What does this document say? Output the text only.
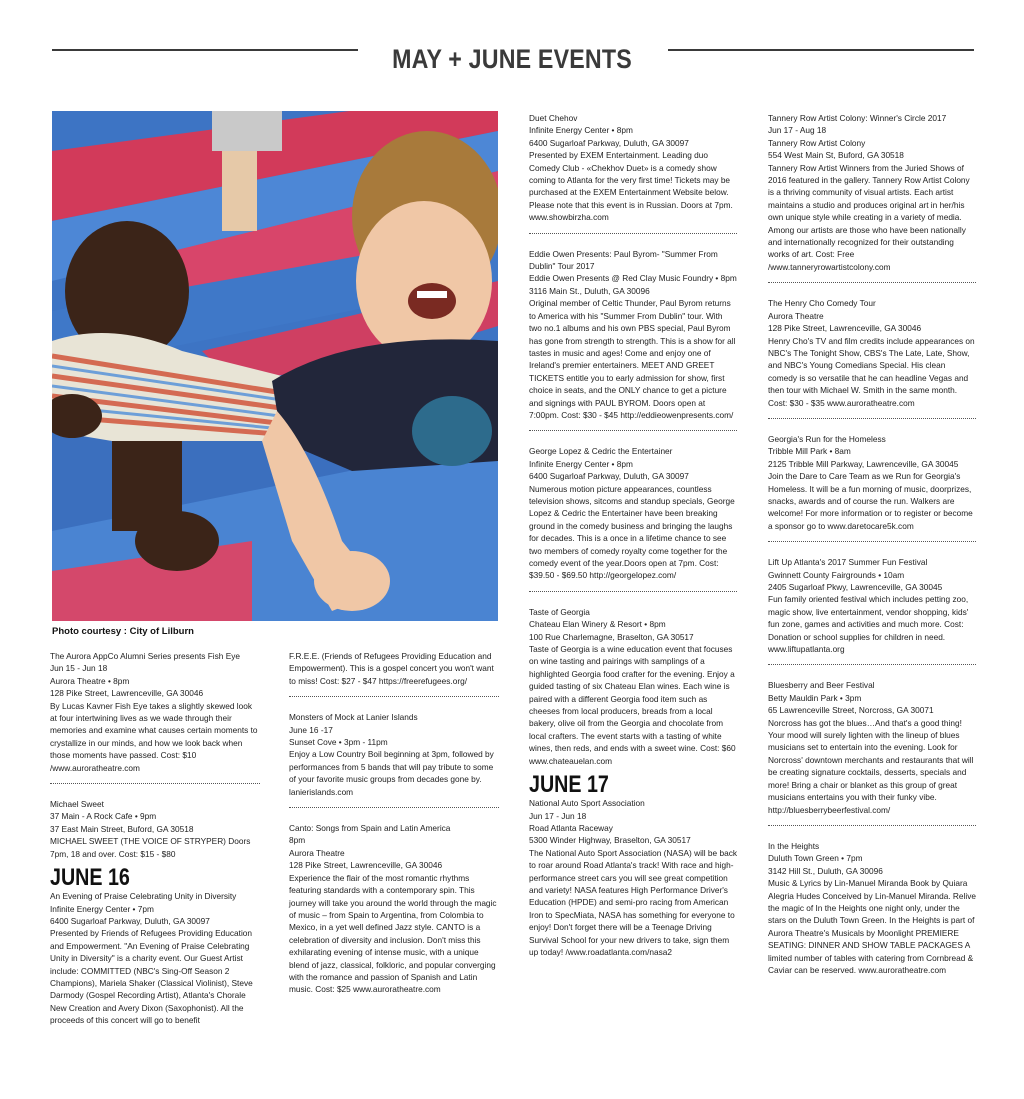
MAY + JUNE EVENTS
Photo courtesy : City of Lilburn
The Aurora AppCo Alumni Series presents Fish Eye
Jun 15 - Jun 18
Aurora Theatre • 8pm
128 Pike Street, Lawrenceville, GA 30046
By Lucas Kavner Fish Eye takes a slightly skewed look at four intertwining lives as we wade through their memories and examine what causes certain moments to crystallize in our minds, and how we look back when those moments have passed. Cost: $10 /www.auroratheatre.com
Michael Sweet
37 Main - A Rock Cafe • 9pm
37 East Main Street, Buford, GA 30518
MICHAEL SWEET (THE VOICE OF STRYPER) Doors 7pm, 18 and over. Cost: $15 - $80
JUNE 16
An Evening of Praise Celebrating Unity in Diversity
Infinite Energy Center • 7pm
6400 Sugarloaf Parkway, Duluth, GA 30097
Presented by Friends of Refugees Providing Education and Empowerment. "An Evening of Praise Celebrating Unity in Diversity" is a charity event. Our Guest Artist include: COMMITTED (NBC's Sing-Off Season 2 Champions), Mariela Shaker (Classical Violinist), Steve Darmody (Gospel Recording Artist), Atlanta's Chorale New Creation and Avery Dixon (Saxophonist). All the proceeds of this concert will go to benefit
F.R.E.E. (Friends of Refugees Providing Education and Empowerment). This is a gospel concert you won't want to miss! Cost: $27 - $47 https://freerefugees.org/
Monsters of Mock at Lanier Islands
June 16 -17
Sunset Cove • 3pm - 11pm
Enjoy a Low Country Boil beginning at 3pm, followed by performances from 5 bands that will pay tribute to some of your favorite music groups from decades gone by. lanierislands.com
Canto: Songs from Spain and Latin America
8pm
Aurora Theatre
128 Pike Street, Lawrenceville, GA 30046
Experience the flair of the most romantic rhythms featuring standards with a contemporary spin. This journey will take you around the world through the magic of music – from Spain to Argentina, from Colombia to Mexico, in a yet well defined Jazz style. CANTO is a celebration of diversity and inclusion. Don't miss this exhilarating evening of intense music, with a unique blend of jazz, classical, folkloric, and popular converging with the romance and passion of Spanish and Latin music. Cost: $25 www.auroratheatre.com
Duet Chehov
Infinite Energy Center • 8pm
6400 Sugarloaf Parkway, Duluth, GA 30097
Presented by EXEM Entertainment. Leading duo Comedy Club - «Chekhov Duet» is a comedy show coming to Atlanta for the very first time! Tickets may be purchased at the EXEM Entertainment Website below. Please note that this event is in Russian. Doors at 7pm. www.showbirzha.com
Eddie Owen Presents: Paul Byrom- "Summer From
Dublin" Tour 2017
Eddie Owen Presents @ Red Clay Music Foundry • 8pm
3116 Main St., Duluth, GA 30096
Original member of Celtic Thunder, Paul Byrom returns to America with his "Summer From Dublin" tour. With two no.1 albums and his own PBS special, Paul Byrom has gone from strength to strength. This is a show for all tastes in music and ages! Come and enjoy one of Ireland's premier entertainers. MEET AND GREET TICKETS entitle you to early admission for show, first choice in seats, and the ONLY chance to get a picture and signings with PAUL BYROM. Doors open at 7:00pm. Cost: $30 - $45 http://eddieowenpresents.com/
George Lopez & Cedric the Entertainer
Infinite Energy Center • 8pm
6400 Sugarloaf Parkway, Duluth, GA 30097
Numerous motion picture appearances, countless television shows, sitcoms and standup specials, George Lopez & Cedric the Entertainer have been breaking ground in the comedy business and bringing the laughs for decades. This is a once in a lifetime chance to see two members of comedy royalty come together for the comedy event of the year.Doors open at 7pm. Cost: $39.50 - $69.50 http://georgelopez.com/
Taste of Georgia
Chateau Elan Winery & Resort • 8pm
100 Rue Charlemagne, Braselton, GA 30517
Taste of Georgia is a wine education event that focuses on wine tasting and pairings with samplings of a highlighted Georgia food crafter for the evening. Enjoy a guided tasting of six Chateau Elan wines. Each wine is paired with a different Georgia food item such as cheeses from local producers, breads from a local bakery, olive oil from the Georgia and chocolate from local crafters. The event starts with a tasting of white wines, then reds, and ends with a sweet wine. Cost: $60 www.chateauelan.com
JUNE 17
National Auto Sport Association
Jun 17 - Jun 18
Road Atlanta Raceway
5300 Winder Highway, Braselton, GA 30517
The National Auto Sport Association (NASA) will be back to roar around Road Atlanta's track! With race and high-performance street cars you will see great competition and variety! NASA features High Performance Driver's Education (HPDE) and semi-pro racing from American Iron to SpecMiata, NASA has something for everyone to enjoy! Don't forget there will be a Teenage Driving Survival School for your new drivers to take, sign them up today! /www.roadatlanta.com/nasa2
Tannery Row Artist Colony: Winner's Circle 2017
Jun 17 - Aug 18
Tannery Row Artist Colony
554 West Main St, Buford, GA 30518
Tannery Row Artist Winners from the Juried Shows of 2016 featured in the gallery. Tannery Row Artist Colony is a thriving community of visual artists. Each artist maintains a studio and produces original art in her/his own unique style while creating in a variety of media. Among our artists are those who have been nationally and internationally recognized for their outstanding works of art. Cost: Free /www.tanneryrowartistcolony.com
The Henry Cho Comedy Tour
Aurora Theatre
128 Pike Street, Lawrenceville, GA 30046
Henry Cho's TV and film credits include appearances on NBC's The Tonight Show, CBS's The Late, Late, Show, and NBC's Young Comedians Special. His clean comedy is so versatile that he can headline Vegas and then tour with Michael W. Smith in the same month. Cost: $30 - $35 www.auroratheatre.com
Georgia's Run for the Homeless
Tribble Mill Park • 8am
2125 Tribble Mill Parkway, Lawrenceville, GA 30045
Join the Dare to Care Team as we Run for Georgia's Homeless. It will be a fun morning of music, doorprizes, snacks, awards and of course the run. Walkers are welcome! For more information or to register or become a sponsor go to www.daretocare5k.com
Lift Up Atlanta's 2017 Summer Fun Festival
Gwinnett County Fairgrounds • 10am
2405 Sugarloaf Pkwy, Lawrenceville, GA 30045
Fun family oriented festival which includes petting zoo, magic show, live entertainment, vendor shopping, kids' fun zone, games and activities and much more. Cost: Donation or school supplies for children in need. www.liftupatlanta.org
Bluesberry and Beer Festival
Betty Mauldin Park • 3pm
65 Lawrenceville Street, Norcross, GA 30071
Norcross has got the blues…And that's a good thing! Your mood will surely lighten with the lineup of blues musicians set to entertain into the evening. Look for Norcross' downtown merchants and restaurants that will be creating signature cocktails, desserts, specials and more! Bring a chair or blanket as this group of great musicians entertains you with their funky vibe. http://bluesberrybeerfestival.com/
In the Heights
Duluth Town Green • 7pm
3142 Hill St., Duluth, GA 30096
Music & Lyrics by Lin-Manuel Miranda Book by Quiara Alegria Hudes Conceived by Lin-Manuel Miranda. Relive the magic of In the Heights one night only, under the stars on the Duluth Town Green. In the Heights is part of Aurora Theatre's Musicals by Moonlight PREMIERE SEATING: DINNER AND SHOW TABLE PACKAGES A limited number of tables with catering from Cornbread & Caviar can be reserved. www.auroratheatre.com
